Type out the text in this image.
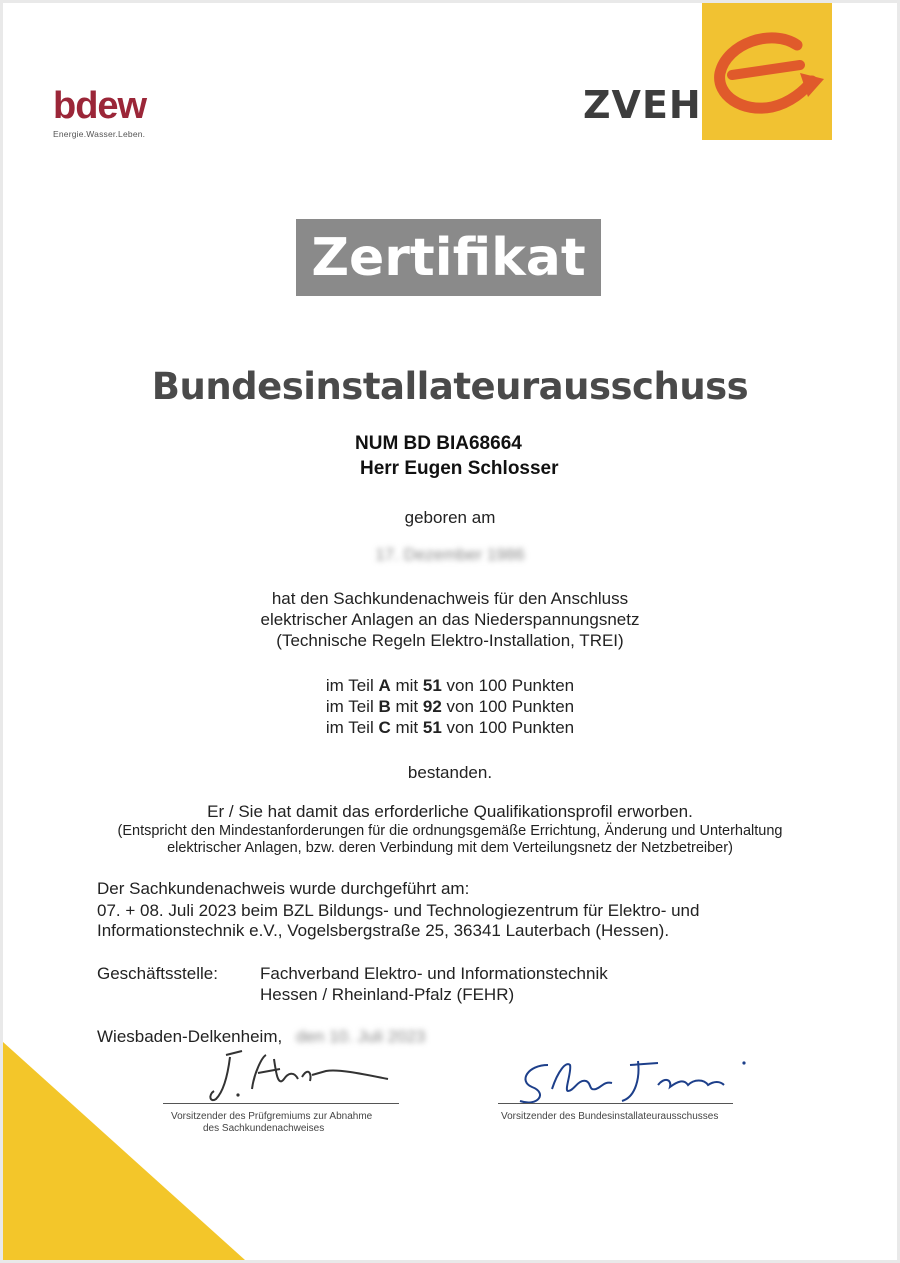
bdew
Energie.Wasser.Leben.
ZVEH
Zertifikat
Bundesinstallateurausschuss
NUM BD BIA68664
Herr Eugen Schlosser
geboren am
17. Dezember 1986
hat den Sachkundenachweis für den Anschluss
elektrischer Anlagen an das Niederspannungsnetz
(Technische Regeln Elektro-Installation, TREI)
im Teil A mit 51 von 100 Punkten
im Teil B mit 92 von 100 Punkten
im Teil C mit 51 von 100 Punkten
bestanden.
Er / Sie hat damit das erforderliche Qualifikationsprofil erworben.
(Entspricht den Mindestanforderungen für die ordnungsgemäße Errichtung, Änderung und Unterhaltung
elektrischer Anlagen, bzw. deren Verbindung mit dem Verteilungsnetz der Netzbetreiber)
Der Sachkundenachweis wurde durchgeführt am:
07. + 08. Juli 2023 beim BZL Bildungs- und Technologiezentrum für Elektro- und
Informationstechnik e.V., Vogelsbergstraße 25, 36341 Lauterbach (Hessen).
Geschäftsstelle: Fachverband Elektro- und Informationstechnik
Hessen / Rheinland-Pfalz (FEHR)
Wiesbaden-Delkenheim, den 10. Juli 2023
Vorsitzender des Prüfgremiums zur Abnahme
des Sachkundenachweises
Vorsitzender des Bundesinstallateurausschusses
